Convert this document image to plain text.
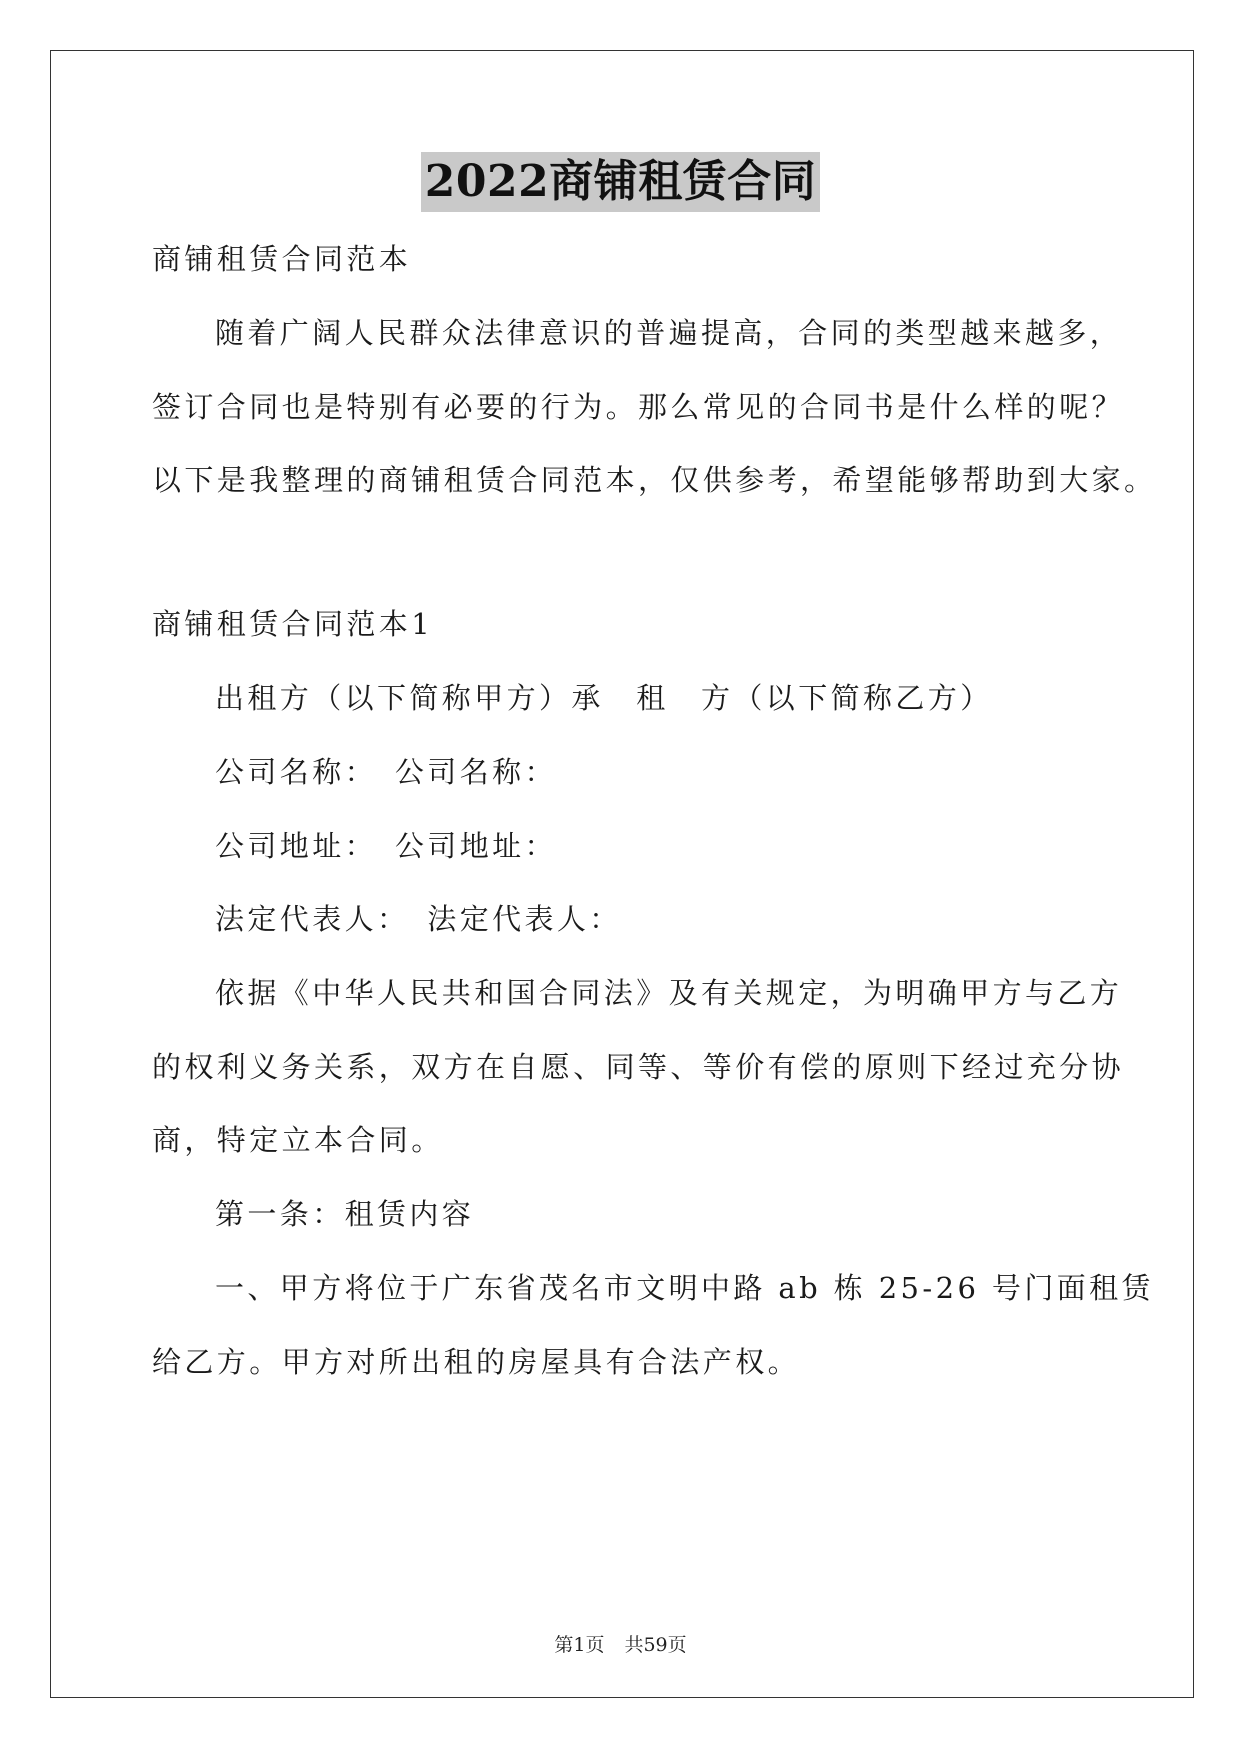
2022商铺租赁合同
商铺租赁合同范本
随着广阔人民群众法律意识的普遍提高，合同的类型越来越多，
签订合同也是特别有必要的行为。那么常见的合同书是什么样的呢？
以下是我整理的商铺租赁合同范本，仅供参考，希望能够帮助到大家。
商铺租赁合同范本1
出租方（以下简称甲方）承　租　方（以下简称乙方）
公司名称：　公司名称：
公司地址：　公司地址：
法定代表人：　法定代表人：
依据《中华人民共和国合同法》及有关规定，为明确甲方与乙方
的权利义务关系，双方在自愿、同等、等价有偿的原则下经过充分协
商，特定立本合同。
第一条：租赁内容
一、甲方将位于广东省茂名市文明中路 ab 栋 25-26 号门面租赁
给乙方。甲方对所出租的房屋具有合法产权。
第1页 共59页
